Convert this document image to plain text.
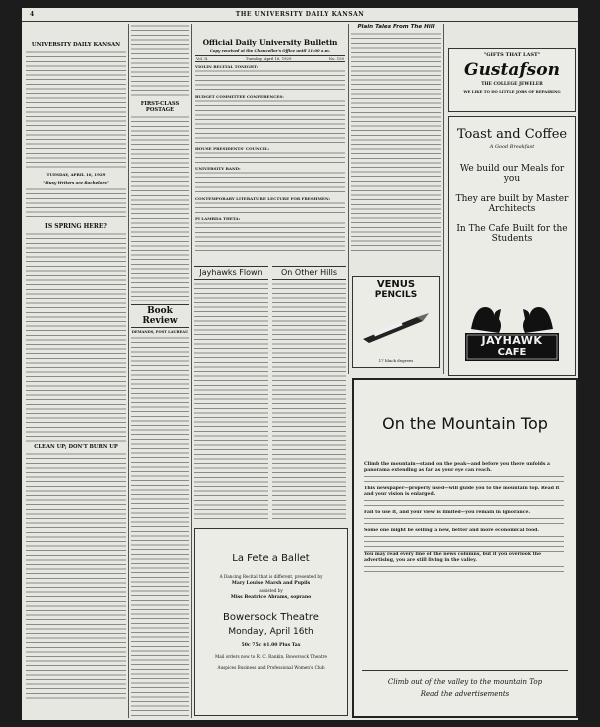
4	THE UNIVERSITY DAILY KANSAN
UNIVERSITY DAILY KANSAN
TUESDAY, APRIL 16, 1929
"Busy Writers are Bachelors"
IS SPRING HERE?
CLEAN UP; DON'T BURN UP
FIRST-CLASS POSTAGE
Book Review
DEMANDS, POST LAUREAU
Official Daily University Bulletin
Copy received at the Chancellor's Office until 11:00 a.m.
Vol. II.	Tuesday, April 16, 1929	No. 150
VIOLIN RECITAL TONIGHT:
BUDGET COMMITTEE CONFERENCES:
HOUSE PRESIDENTS' COUNCIL:
UNIVERSITY BAND:
CONTEMPORARY LITERATURE LECTURE FOR FRESHMEN:
PI LAMBDA THETA:
Jayhawks Flown	On Other Hills
La Fete a Ballet
A Dancing Recital that is different, presented by
Mary Louise Marsh and Pupils
assisted by
Miss Beatrice Abrams, soprano
Bowersock Theatre
Monday, April 16th
50c 75c $1.00 Plus Tax
Mail orders now to R. C. Rankin, Bowersock Theatre
Auspices Business and Professional Women's Club
Plain Tales From The Hill
VENUS
PENCILS
17 black degrees
"GIFTS THAT LAST"
Gustafson
THE COLLEGE JEWELER
WE LIKE TO DO LITTLE JOBS OF REPAIRING
Toast and Coffee
A Good Breakfast
We build our Meals for you
They are built by Master Architects
In The Cafe Built for the Students
JAYHAWK
CAFE
On the Mountain Top
Climb the mountain—stand on the peak—and before you there unfolds a panorama extending as far as your eye can reach.
This newspaper—properly used—will guide you to the mountain top. Read it and your vision is enlarged.
Fail to use it, and your view is limited—you remain in ignorance.
Some one might be selling a new, better and more economical food.
You may read every line of the news columns, but if you overlook the advertising, you are still living in the valley.
Climb out of the valley to the mountain Top
Read the advertisements
